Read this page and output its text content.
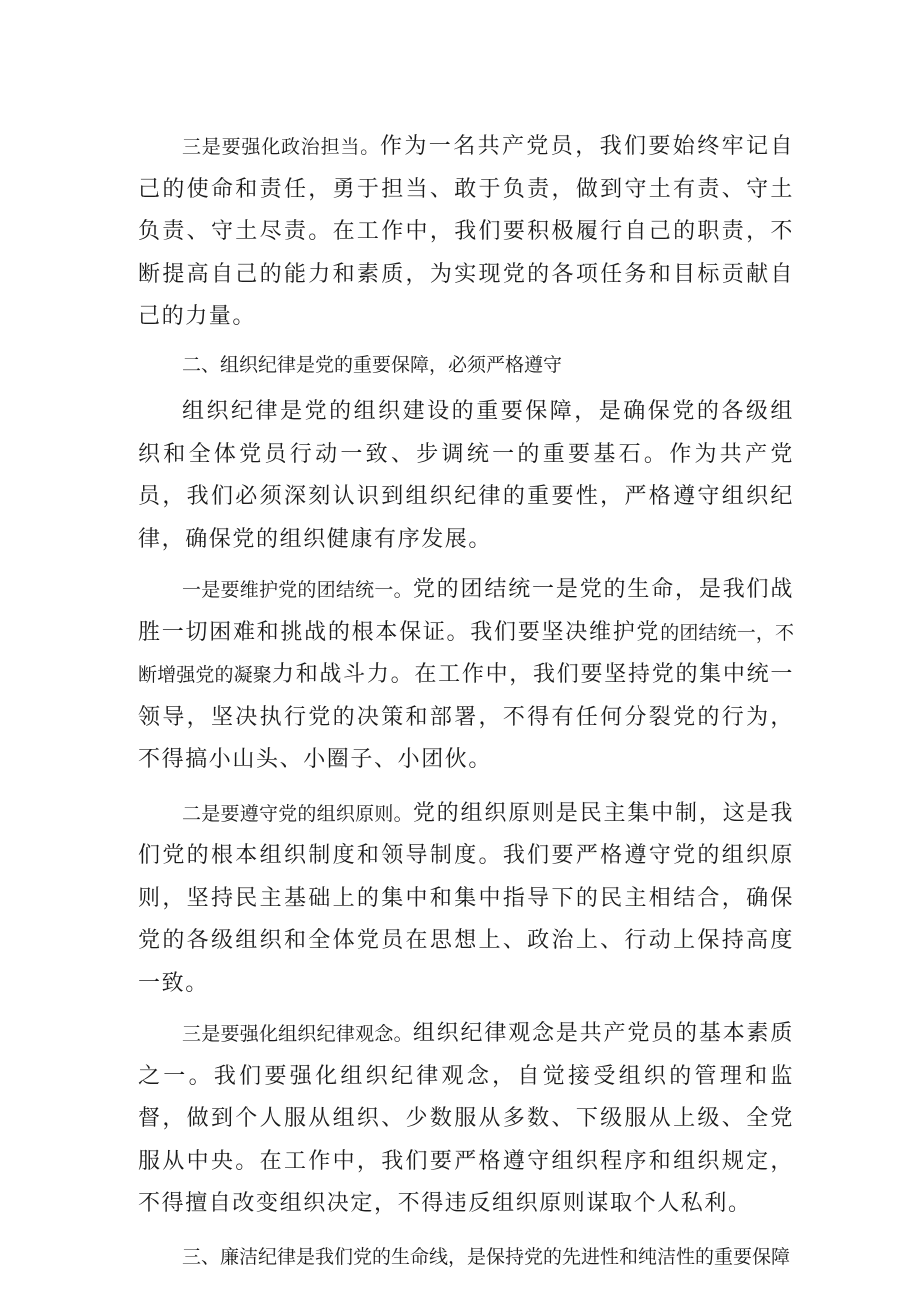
三是要强化政治担当。作为一名共产党员，我们要始终牢记自己的使命和责任，勇于担当、敢于负责，做到守土有责、守土负责、守土尽责。在工作中，我们要积极履行自己的职责，不断提高自己的能力和素质，为实现党的各项任务和目标贡献自己的力量。

二、组织纪律是党的重要保障，必须严格遵守

组织纪律是党的组织建设的重要保障，是确保党的各级组织和全体党员行动一致、步调统一的重要基石。作为共产党员，我们必须深刻认识到组织纪律的重要性，严格遵守组织纪律，确保党的组织健康有序发展。

一是要维护党的团结统一。党的团结统一是党的生命，是我们战胜一切困难和挑战的根本保证。我们要坚决维护党的团结统一，不断增强党的凝聚力和战斗力。在工作中，我们要坚持党的集中统一领导，坚决执行党的决策和部署，不得有任何分裂党的行为，不得搞小山头、小圈子、小团伙。

二是要遵守党的组织原则。党的组织原则是民主集中制，这是我们党的根本组织制度和领导制度。我们要严格遵守党的组织原则，坚持民主基础上的集中和集中指导下的民主相结合，确保党的各级组织和全体党员在思想上、政治上、行动上保持高度一致。

三是要强化组织纪律观念。组织纪律观念是共产党员的基本素质之一。我们要强化组织纪律观念，自觉接受组织的管理和监督，做到个人服从组织、少数服从多数、下级服从上级、全党服从中央。在工作中，我们要严格遵守组织程序和组织规定，不得擅自改变组织决定，不得违反组织原则谋取个人私利。

三、廉洁纪律是我们党的生命线，是保持党的先进性和纯洁性的重要保障
